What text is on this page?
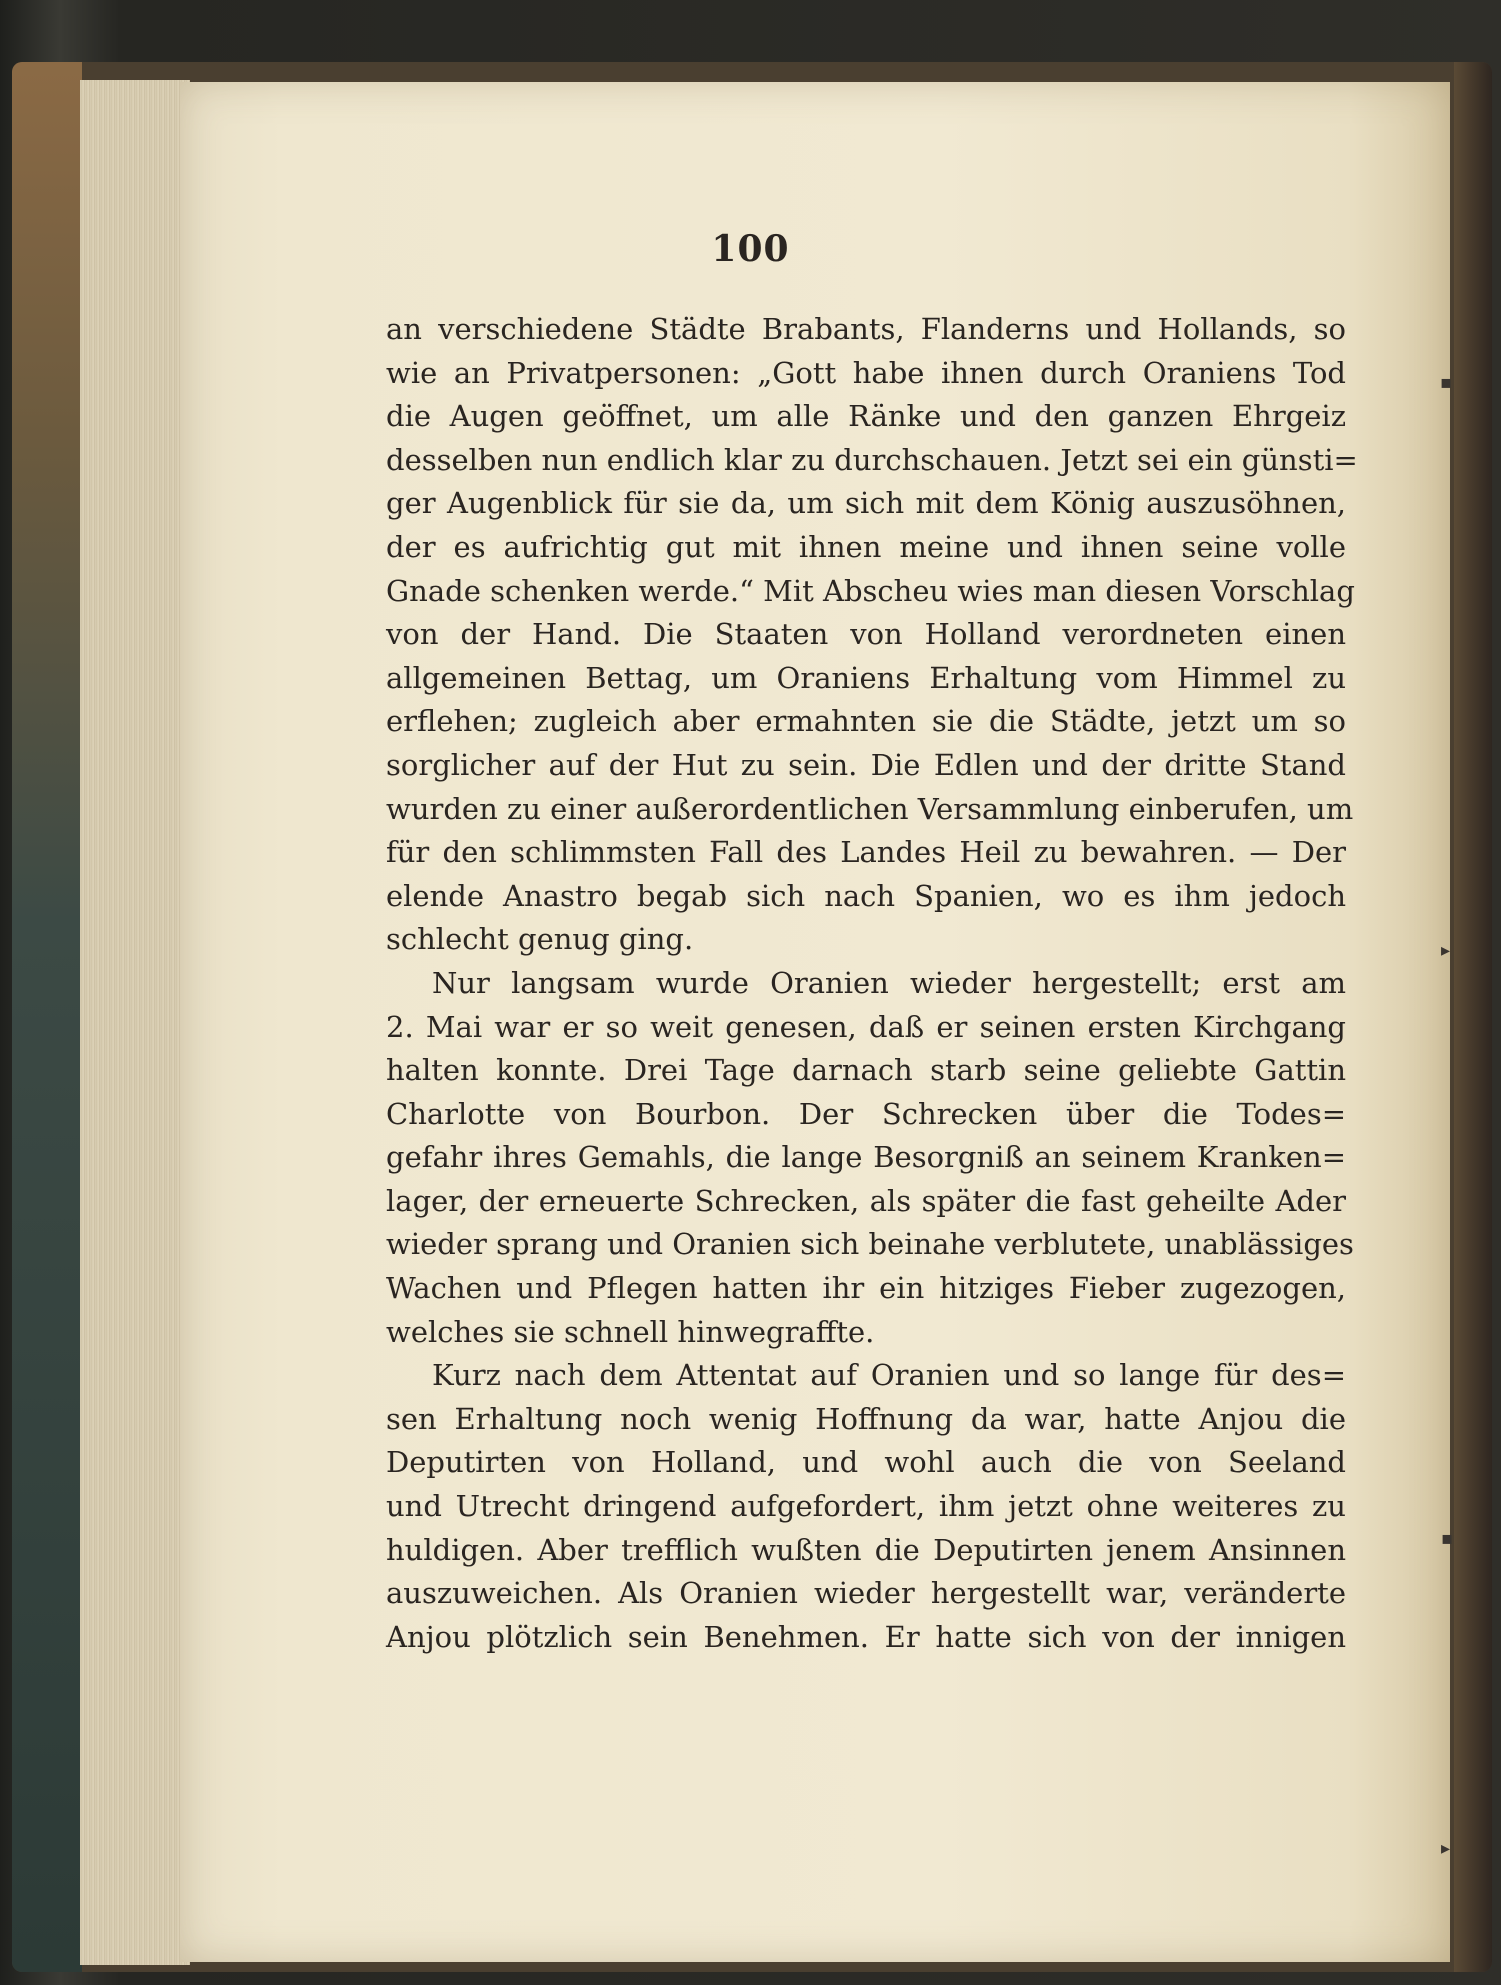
100
an verschiedene Städte Brabants, Flanderns und Hollands, so
wie an Privatpersonen: „Gott habe ihnen durch Oraniens Tod
die Augen geöffnet, um alle Ränke und den ganzen Ehrgeiz
desselben nun endlich klar zu durchschauen. Jetzt sei ein günsti=
ger Augenblick für sie da, um sich mit dem König auszusöhnen,
der es aufrichtig gut mit ihnen meine und ihnen seine volle
Gnade schenken werde.“ Mit Abscheu wies man diesen Vorschlag
von der Hand. Die Staaten von Holland verordneten einen
allgemeinen Bettag, um Oraniens Erhaltung vom Himmel zu
erflehen; zugleich aber ermahnten sie die Städte, jetzt um so
sorglicher auf der Hut zu sein. Die Edlen und der dritte Stand
wurden zu einer außerordentlichen Versammlung einberufen, um
für den schlimmsten Fall des Landes Heil zu bewahren. — Der
elende Anastro begab sich nach Spanien, wo es ihm jedoch
schlecht genug ging.
Nur langsam wurde Oranien wieder hergestellt; erst am
2. Mai war er so weit genesen, daß er seinen ersten Kirchgang
halten konnte. Drei Tage darnach starb seine geliebte Gattin
Charlotte von Bourbon. Der Schrecken über die Todes=
gefahr ihres Gemahls, die lange Besorgniß an seinem Kranken=
lager, der erneuerte Schrecken, als später die fast geheilte Ader
wieder sprang und Oranien sich beinahe verblutete, unablässiges
Wachen und Pflegen hatten ihr ein hitziges Fieber zugezogen,
welches sie schnell hinwegraffte.
Kurz nach dem Attentat auf Oranien und so lange für des=
sen Erhaltung noch wenig Hoffnung da war, hatte Anjou die
Deputirten von Holland, und wohl auch die von Seeland
und Utrecht dringend aufgefordert, ihm jetzt ohne weiteres zu
huldigen. Aber trefflich wußten die Deputirten jenem Ansinnen
auszuweichen. Als Oranien wieder hergestellt war, veränderte
Anjou plötzlich sein Benehmen. Er hatte sich von der innigen
▪
▸
▪
▸
